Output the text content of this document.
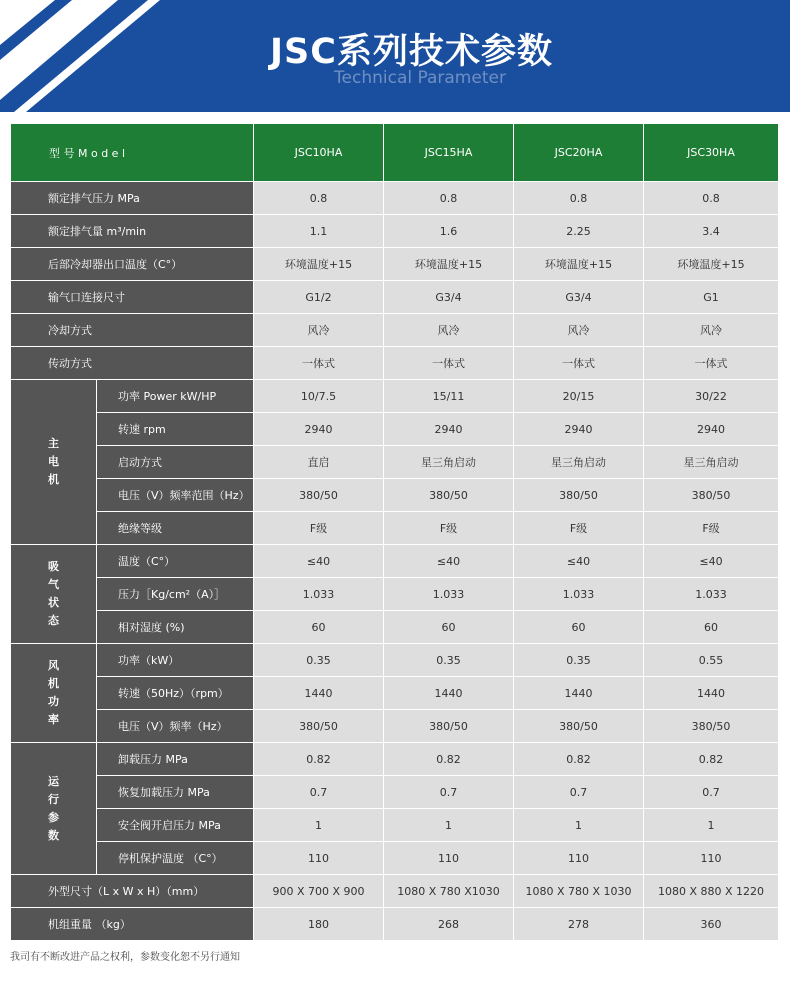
JSC系列技术参数
Technical Parameter
型 号 M o d e l		JSC10HA	JSC15HA	JSC20HA	JSC30HA
额定排气压力 MPa		0.8	0.8	0.8	0.8
额定排气量 m³/min		1.1	1.6	2.25	3.4
后部冷却器出口温度（C°）		环境温度+15	环境温度+15	环境温度+15	环境温度+15
输气口连接尺寸		G1/2	G3/4	G3/4	G1
冷却方式		风冷	风冷	风冷	风冷
传动方式		一体式	一体式	一体式	一体式
主电机	功率 Power kW/HP	10/7.5	15/11	20/15	30/22
	转速 rpm	2940	2940	2940	2940
	启动方式	直启	星三角启动	星三角启动	星三角启动
	电压（V）频率范围（Hz）	380/50	380/50	380/50	380/50
	绝缘等级	F级	F级	F级	F级
吸气状态	温度（C°）	≤40	≤40	≤40	≤40
	压力［Kg/cm²（A）］	1.033	1.033	1.033	1.033
	相对湿度 (%)	60	60	60	60
风机功率	功率（kW）	0.35	0.35	0.35	0.55
	转速（50Hz）（rpm）	1440	1440	1440	1440
	电压（V）频率（Hz）	380/50	380/50	380/50	380/50
运行参数	卸载压力 MPa	0.82	0.82	0.82	0.82
	恢复加载压力 MPa	0.7	0.7	0.7	0.7
	安全阀开启压力 MPa	1	1	1	1
	停机保护温度 （C°）	110	110	110	110
外型尺寸（L x W x H）（mm）		900 X 700 X 900	1080 X 780 X1030	1080 X 780 X 1030	1080 X 880 X 1220
机组重量 （kg）		180	268	278	360
我司有不断改进产品之权利，参数变化恕不另行通知
